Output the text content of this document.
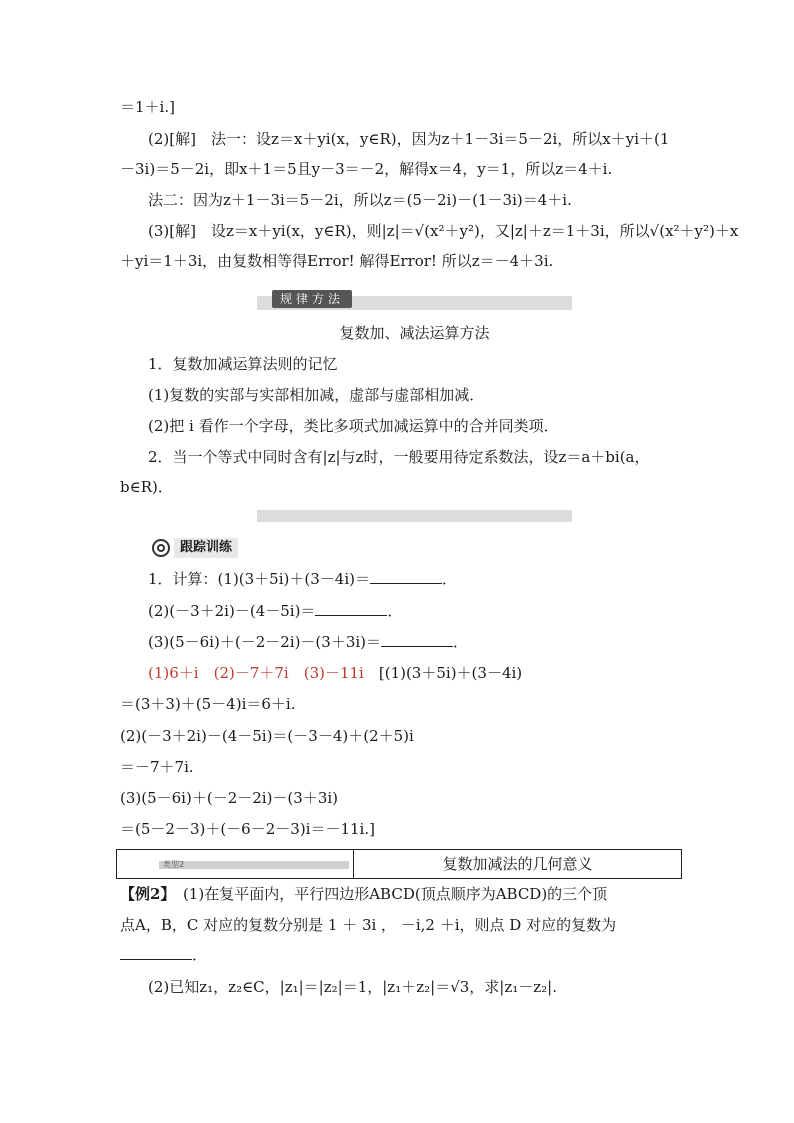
＝1＋i.]
(2)[解]　法一：设z＝x＋yi(x，y∈R)，因为z＋1－3i＝5－2i，所以x＋yi＋(1
－3i)＝5－2i，即x＋1＝5且y－3＝－2，解得x＝4，y＝1，所以z＝4＋i.
法二：因为z＋1－3i＝5－2i，所以z＝(5－2i)－(1－3i)＝4＋i.
(3)[解]　设z＝x＋yi(x，y∈R)，则|z|＝√(x²＋y²)，又|z|＋z＝1＋3i，所以√(x²＋y²)＋x
＋yi＝1＋3i，由复数相等得Error! 解得Error! 所以z＝－4＋3i.
规律方法
复数加、减法运算方法
1．复数加减运算法则的记忆
(1)复数的实部与实部相加减，虚部与虚部相加减．
(2)把 i 看作一个字母，类比多项式加减运算中的合并同类项．
2．当一个等式中同时含有|z|与z时，一般要用待定系数法，设z＝a＋bi(a，
b∈R)．
跟踪训练
1．计算：(1)(3＋5i)＋(3－4i)＝	．
(2)(－3＋2i)－(4－5i)＝	．
(3)(5－6i)＋(－2－2i)－(3＋3i)＝	．
(1)6＋i　(2)－7＋7i　(3)－11i　[(1)(3＋5i)＋(3－4i)
＝(3＋3)＋(5－4)i＝6＋i.
(2)(－3＋2i)－(4－5i)＝(－3－4)＋(2＋5)i
＝－7＋7i.
(3)(5－6i)＋(－2－2i)－(3＋3i)
＝(5－2－3)＋(－6－2－3)i＝－11i.]
类型2	复数加减法的几何意义
【例2】　 (1)在复平面内，平行四边形ABCD(顶点顺序为ABCD)的三个顶
点A，B，C 对应的复数分别是 1 ＋ 3i ， －i,2 ＋i，则点 D 对应的复数为
．
(2)已知z₁，z₂∈C，|z₁|＝|z₂|＝1，|z₁＋z₂|＝√3，求|z₁－z₂|.
